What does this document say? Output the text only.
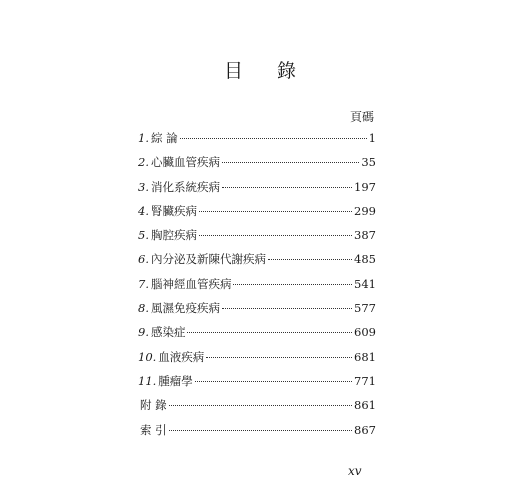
目 錄
頁碼
1. 綜 論	1
2. 心臟血管疾病	35
3. 消化系統疾病	197
4. 腎臟疾病	299
5. 胸腔疾病	387
6. 內分泌及新陳代謝疾病	485
7. 腦神經血管疾病	541
8. 風濕免疫疾病	577
9. 感染症	609
10. 血液疾病	681
11. 腫瘤學	771
附 錄	861
索 引	867
xv
